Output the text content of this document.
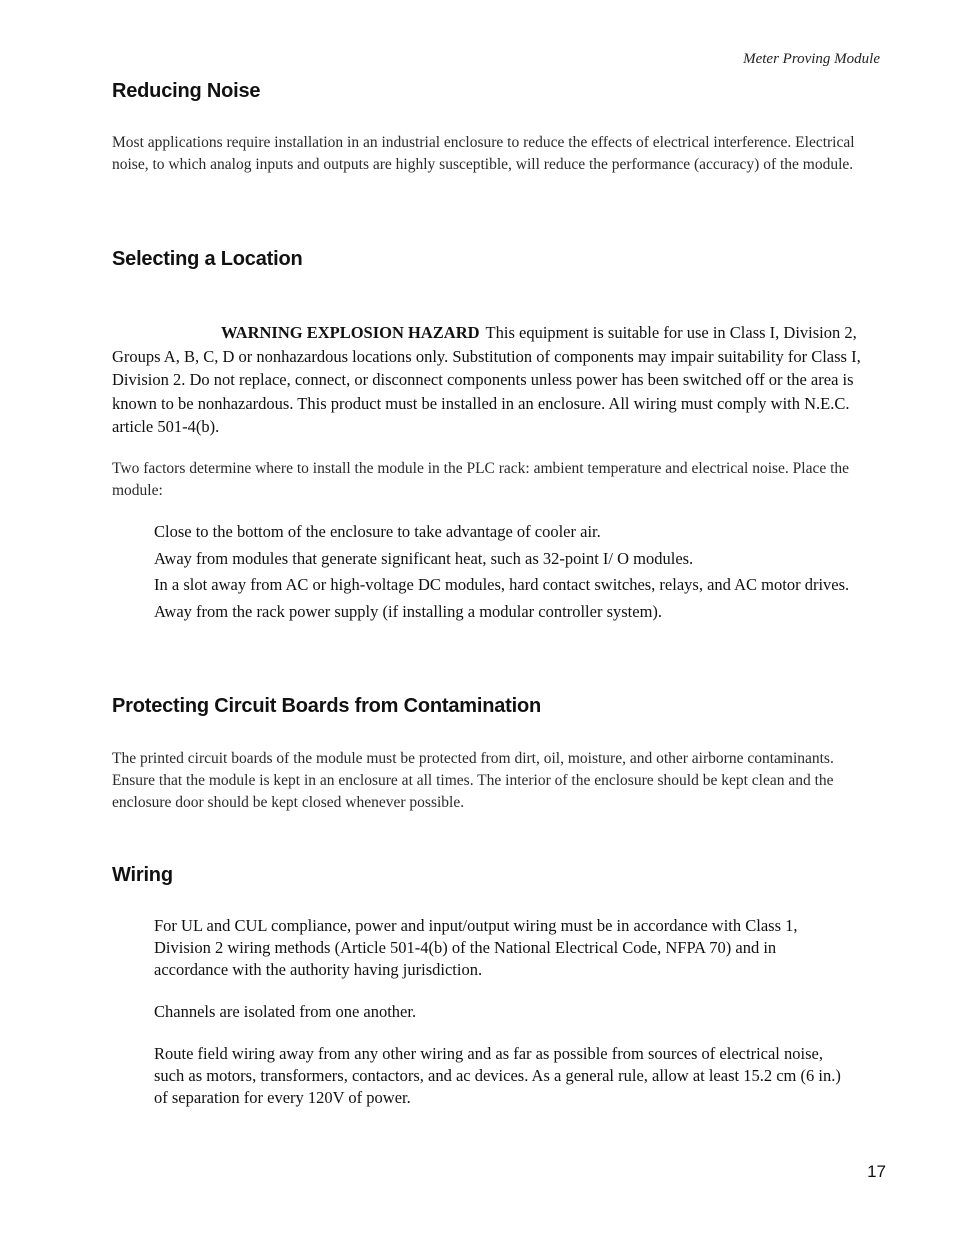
Meter Proving Module
Reducing Noise
Most applications require installation in an industrial enclosure to reduce the effects of electrical interference. Electrical noise, to which analog inputs and outputs are highly susceptible, will reduce the performance (accuracy) of the module.
Selecting a Location
WARNING EXPLOSION HAZARD This equipment is suitable for use in Class I, Division 2, Groups A, B, C, D or nonhazardous locations only. Substitution of components may impair suitability for Class I, Division 2. Do not replace, connect, or disconnect components unless power has been switched off or the area is known to be nonhazardous. This product must be installed in an enclosure. All wiring must comply with N.E.C. article 501-4(b).
Two factors determine where to install the module in the PLC rack: ambient temperature and electrical noise. Place the module:
Close to the bottom of the enclosure to take advantage of cooler air.
Away from modules that generate significant heat, such as 32-point I/ O modules.
In a slot away from AC or high-voltage DC modules, hard contact switches, relays, and AC motor drives.
Away from the rack power supply (if installing a modular controller system).
Protecting Circuit Boards from Contamination
The printed circuit boards of the module must be protected from dirt, oil, moisture, and other airborne contaminants. Ensure that the module is kept in an enclosure at all times. The interior of the enclosure should be kept clean and the enclosure door should be kept closed whenever possible.
Wiring
For UL and CUL compliance, power and input/output wiring must be in accordance with Class 1, Division 2 wiring methods (Article 501-4(b) of the National Electrical Code, NFPA 70) and in accordance with the authority having jurisdiction.
Channels are isolated from one another.
Route field wiring away from any other wiring and as far as possible from sources of electrical noise, such as motors, transformers, contactors, and ac devices. As a general rule, allow at least 15.2 cm (6 in.) of separation for every 120V of power.
17
